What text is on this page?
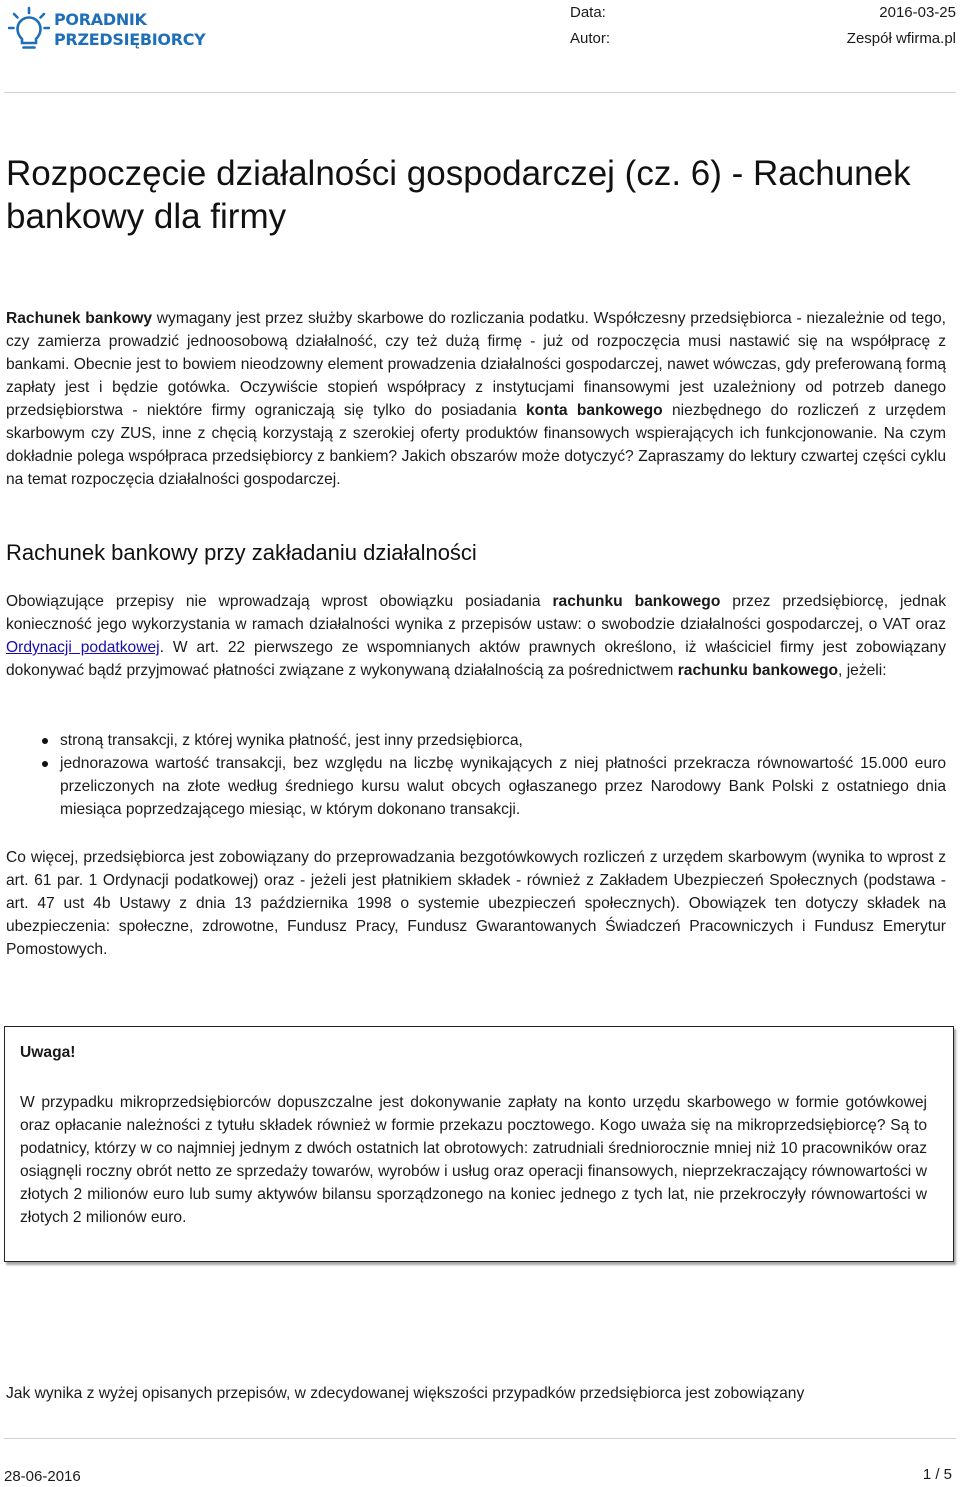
PORADNIK
PRZEDSIĘBIORCY
Data:	2016-03-25
Autor:	Zespół wfirma.pl
Rozpoczęcie działalności gospodarczej (cz. 6) - Rachunek bankowy dla firmy

Rachunek bankowy wymagany jest przez służby skarbowe do rozliczania podatku. Współczesny przedsiębiorca - niezależnie od tego, czy zamierza prowadzić jednoosobową działalność, czy też dużą firmę - już od rozpoczęcia musi nastawić się na współpracę z bankami. Obecnie jest to bowiem nieodzowny element prowadzenia działalności gospodarczej, nawet wówczas, gdy preferowaną formą zapłaty jest i będzie gotówka. Oczywiście stopień współpracy z instytucjami finansowymi jest uzależniony od potrzeb danego przedsiębiorstwa - niektóre firmy ograniczają się tylko do posiadania konta bankowego niezbędnego do rozliczeń z urzędem skarbowym czy ZUS, inne z chęcią korzystają z szerokiej oferty produktów finansowych wspierających ich funkcjonowanie. Na czym dokładnie polega współpraca przedsiębiorcy z bankiem? Jakich obszarów może dotyczyć? Zapraszamy do lektury czwartej części cyklu na temat rozpoczęcia działalności gospodarczej.

Rachunek bankowy przy zakładaniu działalności

Obowiązujące przepisy nie wprowadzają wprost obowiązku posiadania rachunku bankowego przez przedsiębiorcę, jednak konieczność jego wykorzystania w ramach działalności wynika z przepisów ustaw: o swobodzie działalności gospodarczej, o VAT oraz Ordynacji podatkowej. W art. 22 pierwszego ze wspomnianych aktów prawnych określono, iż właściciel firmy jest zobowiązany dokonywać bądź przyjmować płatności związane z wykonywaną działalnością za pośrednictwem rachunku bankowego, jeżeli:

stroną transakcji, z której wynika płatność, jest inny przedsiębiorca,
jednorazowa wartość transakcji, bez względu na liczbę wynikających z niej płatności przekracza równowartość 15.000 euro przeliczonych na złote według średniego kursu walut obcych ogłaszanego przez Narodowy Bank Polski z ostatniego dnia miesiąca poprzedzającego miesiąc, w którym dokonano transakcji.

Co więcej, przedsiębiorca jest zobowiązany do przeprowadzania bezgotówkowych rozliczeń z urzędem skarbowym (wynika to wprost z art. 61 par. 1 Ordynacji podatkowej) oraz - jeżeli jest płatnikiem składek - również z Zakładem Ubezpieczeń Społecznych (podstawa - art. 47 ust 4b Ustawy z dnia 13 października 1998 o systemie ubezpieczeń społecznych). Obowiązek ten dotyczy składek na ubezpieczenia: społeczne, zdrowotne, Fundusz Pracy, Fundusz Gwarantowanych Świadczeń Pracowniczych i Fundusz Emerytur Pomostowych.

Uwaga!

W przypadku mikroprzedsiębiorców dopuszczalne jest dokonywanie zapłaty na konto urzędu skarbowego w formie gotówkowej oraz opłacanie należności z tytułu składek również w formie przekazu pocztowego. Kogo uważa się na mikroprzedsiębiorcę? Są to podatnicy, którzy w co najmniej jednym z dwóch ostatnich lat obrotowych: zatrudniali średniorocznie mniej niż 10 pracowników oraz osiągnęli roczny obrót netto ze sprzedaży towarów, wyrobów i usług oraz operacji finansowych, nieprzekraczający równowartości w złotych 2 milionów euro lub sumy aktywów bilansu sporządzonego na koniec jednego z tych lat, nie przekroczyły równowartości w złotych 2 milionów euro.

Jak wynika z wyżej opisanych przepisów, w zdecydowanej większości przypadków przedsiębiorca jest zobowiązany

28-06-2016	1 / 5
